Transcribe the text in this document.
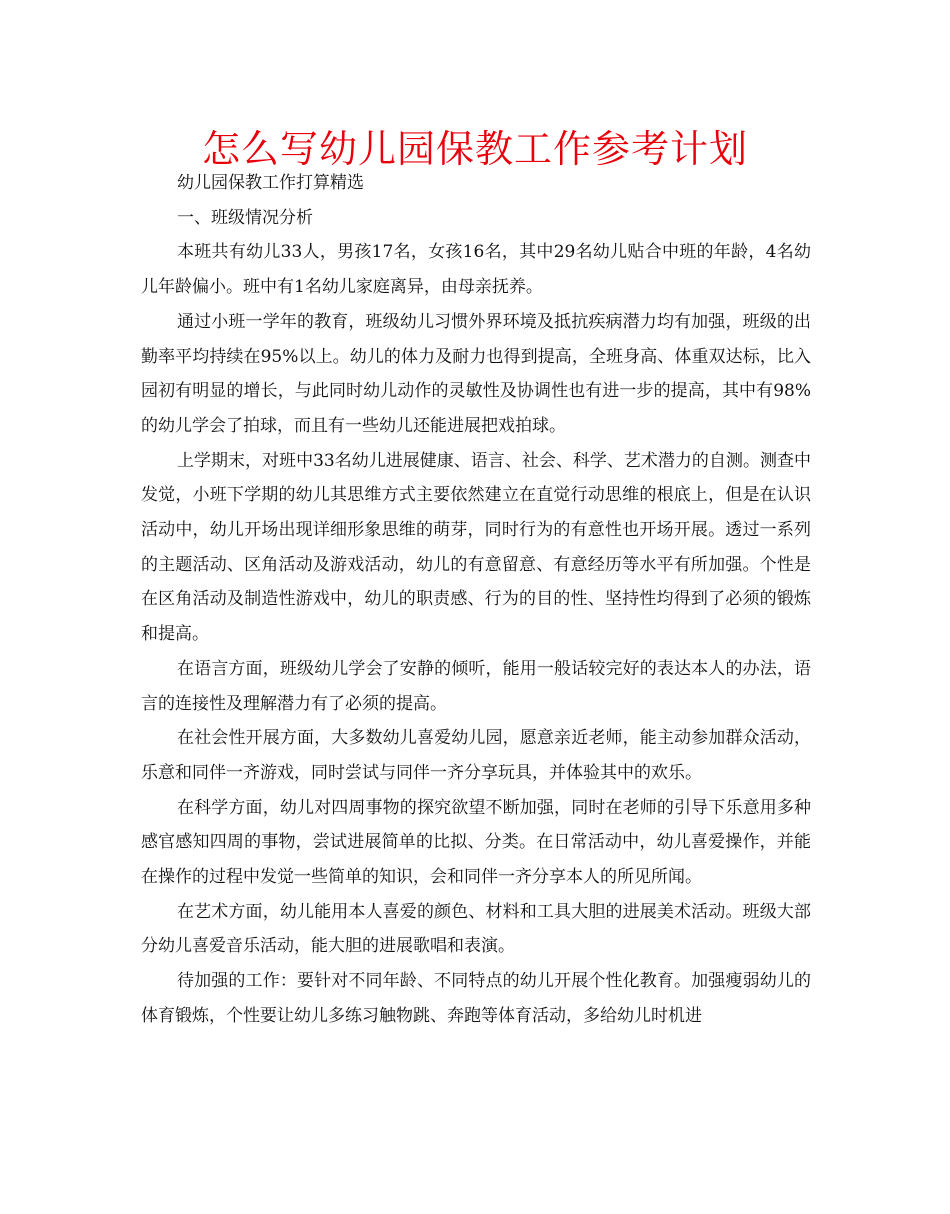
怎么写幼儿园保教工作参考计划

幼儿园保教工作打算精选

一、班级情况分析

本班共有幼儿33人，男孩17名，女孩16名，其中29名幼儿贴合中班的年龄，4名幼儿年龄偏小。班中有1名幼儿家庭离异，由母亲抚养。

通过小班一学年的教育，班级幼儿习惯外界环境及抵抗疾病潜力均有加强，班级的出勤率平均持续在95%以上。幼儿的体力及耐力也得到提高，全班身高、体重双达标，比入园初有明显的增长，与此同时幼儿动作的灵敏性及协调性也有进一步的提高，其中有98%的幼儿学会了拍球，而且有一些幼儿还能进展把戏拍球。

上学期末，对班中33名幼儿进展健康、语言、社会、科学、艺术潜力的自测。测查中发觉，小班下学期的幼儿其思维方式主要依然建立在直觉行动思维的根底上，但是在认识活动中，幼儿开场出现详细形象思维的萌芽，同时行为的有意性也开场开展。透过一系列的主题活动、区角活动及游戏活动，幼儿的有意留意、有意经历等水平有所加强。个性是在区角活动及制造性游戏中，幼儿的职责感、行为的目的性、坚持性均得到了必须的锻炼和提高。

在语言方面，班级幼儿学会了安静的倾听，能用一般话较完好的表达本人的办法，语言的连接性及理解潜力有了必须的提高。

在社会性开展方面，大多数幼儿喜爱幼儿园，愿意亲近老师，能主动参加群众活动，乐意和同伴一齐游戏，同时尝试与同伴一齐分享玩具，并体验其中的欢乐。

在科学方面，幼儿对四周事物的探究欲望不断加强，同时在老师的引导下乐意用多种感官感知四周的事物，尝试进展简单的比拟、分类。在日常活动中，幼儿喜爱操作，并能在操作的过程中发觉一些简单的知识，会和同伴一齐分享本人的所见所闻。

在艺术方面，幼儿能用本人喜爱的颜色、材料和工具大胆的进展美术活动。班级大部分幼儿喜爱音乐活动，能大胆的进展歌唱和表演。

待加强的工作：要针对不同年龄、不同特点的幼儿开展个性化教育。加强瘦弱幼儿的体育锻炼，个性要让幼儿多练习触物跳、奔跑等体育活动，多给幼儿时机进
